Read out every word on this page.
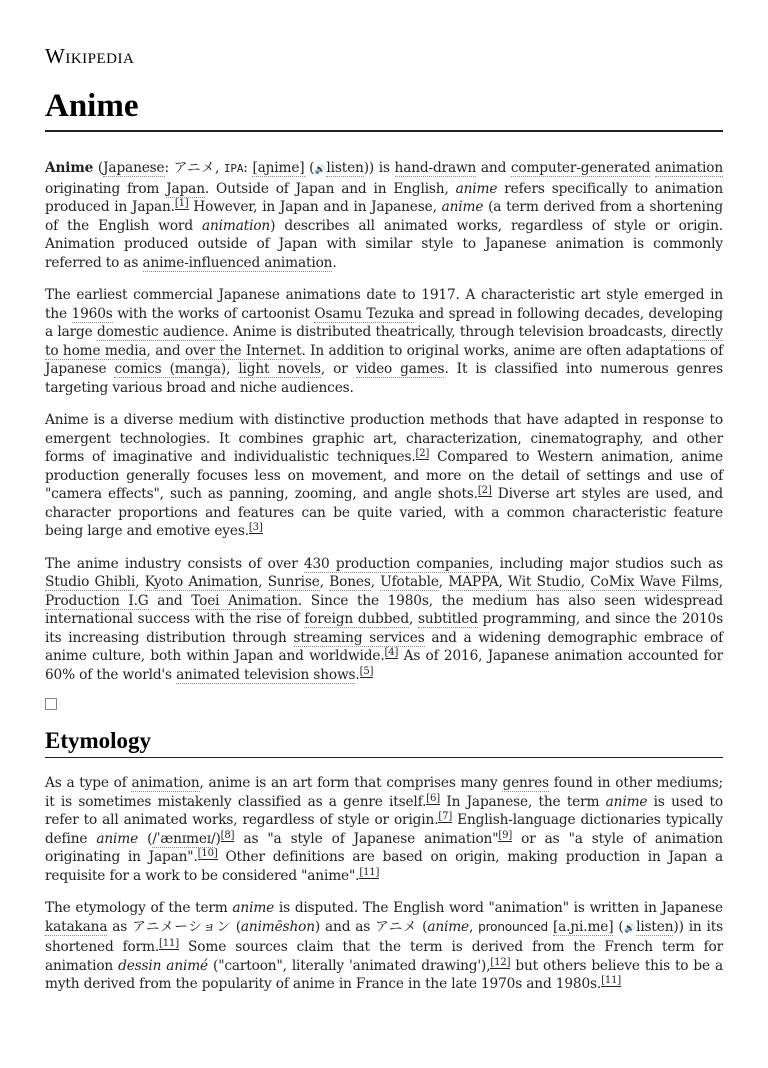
Wikipedia
Anime

Anime (Japanese: アニメ, IPA: [aɲime] (🔊listen)) is hand-drawn and computer-generated animation originating from Japan. Outside of Japan and in English, anime refers specifically to animation produced in Japan.[1] However, in Japan and in Japanese, anime (a term derived from a shortening of the English word animation) describes all animated works, regardless of style or origin. Animation produced outside of Japan with similar style to Japanese animation is commonly referred to as anime-influenced animation.

The earliest commercial Japanese animations date to 1917. A characteristic art style emerged in the 1960s with the works of cartoonist Osamu Tezuka and spread in following decades, developing a large domestic audience. Anime is distributed theatrically, through television broadcasts, directly to home media, and over the Internet. In addition to original works, anime are often adaptations of Japanese comics (manga), light novels, or video games. It is classified into numerous genres targeting various broad and niche audiences.

Anime is a diverse medium with distinctive production methods that have adapted in response to emergent technologies. It combines graphic art, characterization, cinematography, and other forms of imaginative and individualistic techniques.[2] Compared to Western animation, anime production generally focuses less on movement, and more on the detail of settings and use of "camera effects", such as panning, zooming, and angle shots.[2] Diverse art styles are used, and character proportions and features can be quite varied, with a common characteristic feature being large and emotive eyes.[3]

The anime industry consists of over 430 production companies, including major studios such as Studio Ghibli, Kyoto Animation, Sunrise, Bones, Ufotable, MAPPA, Wit Studio, CoMix Wave Films, Production I.G and Toei Animation. Since the 1980s, the medium has also seen widespread international success with the rise of foreign dubbed, subtitled programming, and since the 2010s its increasing distribution through streaming services and a widening demographic embrace of anime culture, both within Japan and worldwide.[4] As of 2016, Japanese animation accounted for 60% of the world's animated television shows.[5]

Etymology

As a type of animation, anime is an art form that comprises many genres found in other mediums; it is sometimes mistakenly classified as a genre itself.[6] In Japanese, the term anime is used to refer to all animated works, regardless of style or origin.[7] English-language dictionaries typically define anime (/ˈænɪmeɪ/)[8] as "a style of Japanese animation"[9] or as "a style of animation originating in Japan".[10] Other definitions are based on origin, making production in Japan a requisite for a work to be considered "anime".[11]

The etymology of the term anime is disputed. The English word "animation" is written in Japanese katakana as アニメーション (animēshon) and as アニメ (anime, pronounced [a.ɲi.me] (🔊listen)) in its shortened form.[11] Some sources claim that the term is derived from the French term for animation dessin animé ("cartoon", literally 'animated drawing'),[12] but others believe this to be a myth derived from the popularity of anime in France in the late 1970s and 1980s.[11]
